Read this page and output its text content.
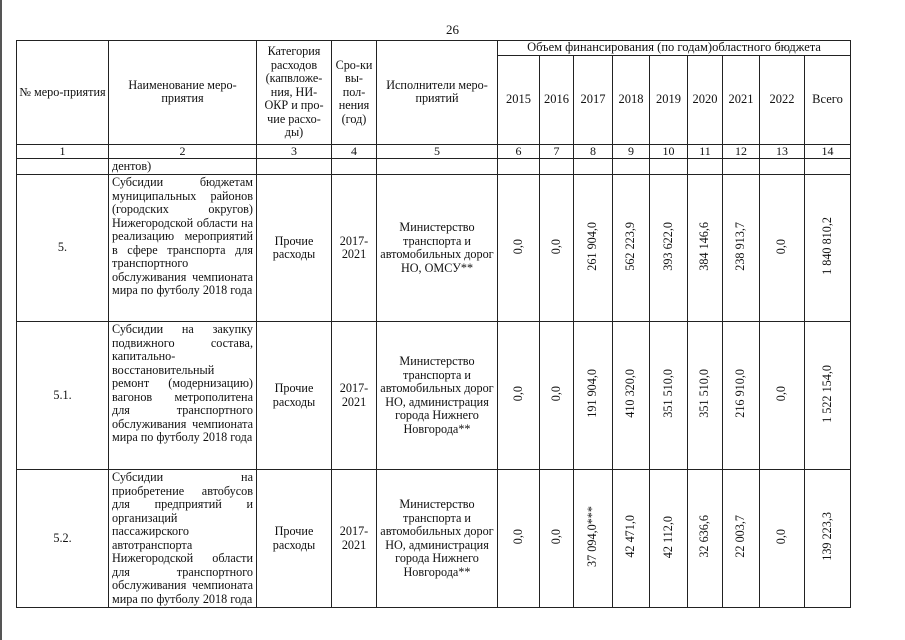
26
№ меро-приятия	Наименование меро-приятия	Категория расходов (капвложе-ния, НИ-ОКР и про-чие расхо-ды)	Сро-ки вы-пол-нения (год)	Исполнители меро-приятий	Объем финансирования (по годам)областного бюджета								
					2015	2016	2017	2018	2019	2020	2021	2022	Всего
1	2	3	4	5	6	7	8	9	10	11	12	13	14
	дентов)												
5.	Субсидии бюджетам муниципальных районов (городских округов) Нижегородской области на реализацию мероприятий в сфере транспорта для транспортного обслуживания чемпионата мира по футболу 2018 года	Прочие расходы	2017-2021	Министерство транспорта и автомобильных дорог НО, ОМСУ**	0,0	0,0	261 904,0	562 223,9	393 622,0	384 146,6	238 913,7	0,0	1 840 810,2
5.1.	Субсидии на закупку подвижного состава, капитально-восстановительный ремонт (модернизацию) вагонов метрополитена для транспортного обслуживания чемпионата мира по футболу 2018 года	Прочие расходы	2017-2021	Министерство транспорта и автомобильных дорог НО, администрация города Нижнего Новгорода**	0,0	0,0	191 904,0	410 320,0	351 510,0	351 510,0	216 910,0	0,0	1 522 154,0
5.2.	Субсидии на приобретение автобусов для предприятий и организаций пассажирского автотранспорта Нижегородской области для транспортного обслуживания чемпионата мира по футболу 2018 года	Прочие расходы	2017-2021	Министерство транспорта и автомобильных дорог НО, администрация города Нижнего Новгорода**	0,0	0,0	37 094,0***	42 471,0	42 112,0	32 636,6	22 003,7	0,0	139 223,3
